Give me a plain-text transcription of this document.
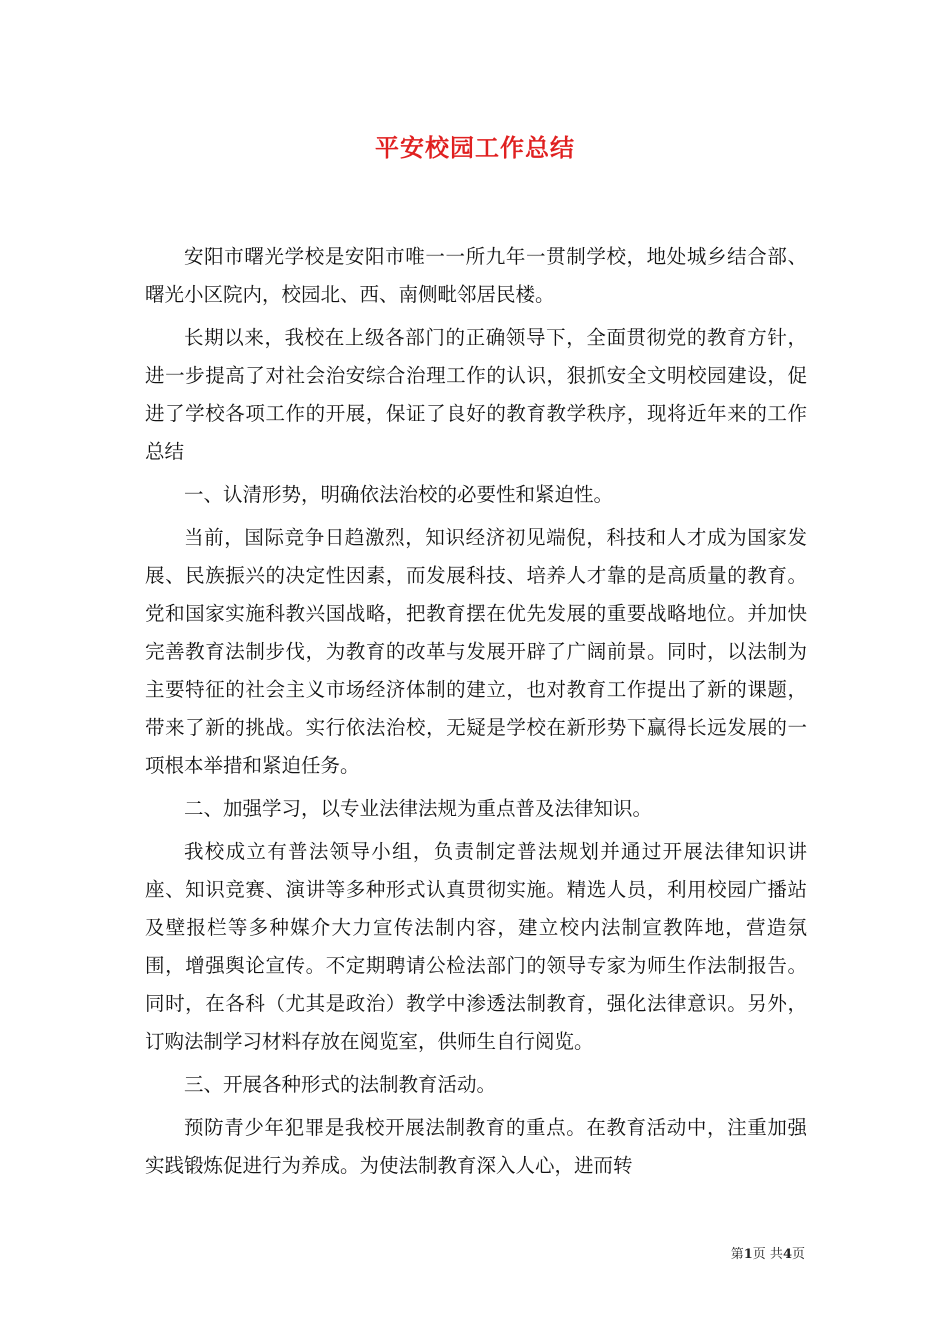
平安校园工作总结

安阳市曙光学校是安阳市唯一一所九年一贯制学校，地处城乡结合部、曙光小区院内，校园北、西、南侧毗邻居民楼。

长期以来，我校在上级各部门的正确领导下，全面贯彻党的教育方针，进一步提高了对社会治安综合治理工作的认识，狠抓安全文明校园建设，促进了学校各项工作的开展，保证了良好的教育教学秩序，现将近年来的工作总结

一、认清形势，明确依法治校的必要性和紧迫性。

当前，国际竞争日趋激烈，知识经济初见端倪，科技和人才成为国家发展、民族振兴的决定性因素，而发展科技、培养人才靠的是高质量的教育。党和国家实施科教兴国战略，把教育摆在优先发展的重要战略地位。并加快完善教育法制步伐，为教育的改革与发展开辟了广阔前景。同时，以法制为主要特征的社会主义市场经济体制的建立，也对教育工作提出了新的课题，带来了新的挑战。实行依法治校，无疑是学校在新形势下赢得长远发展的一项根本举措和紧迫任务。

二、加强学习，以专业法律法规为重点普及法律知识。

我校成立有普法领导小组，负责制定普法规划并通过开展法律知识讲座、知识竞赛、演讲等多种形式认真贯彻实施。精选人员，利用校园广播站及壁报栏等多种媒介大力宣传法制内容，建立校内法制宣教阵地，营造氛围，增强舆论宣传。不定期聘请公检法部门的领导专家为师生作法制报告。同时，在各科（尤其是政治）教学中渗透法制教育，强化法律意识。另外，订购法制学习材料存放在阅览室，供师生自行阅览。

三、开展各种形式的法制教育活动。

预防青少年犯罪是我校开展法制教育的重点。在教育活动中，注重加强实践锻炼促进行为养成。为使法制教育深入人心，进而转

第1页 共4页
